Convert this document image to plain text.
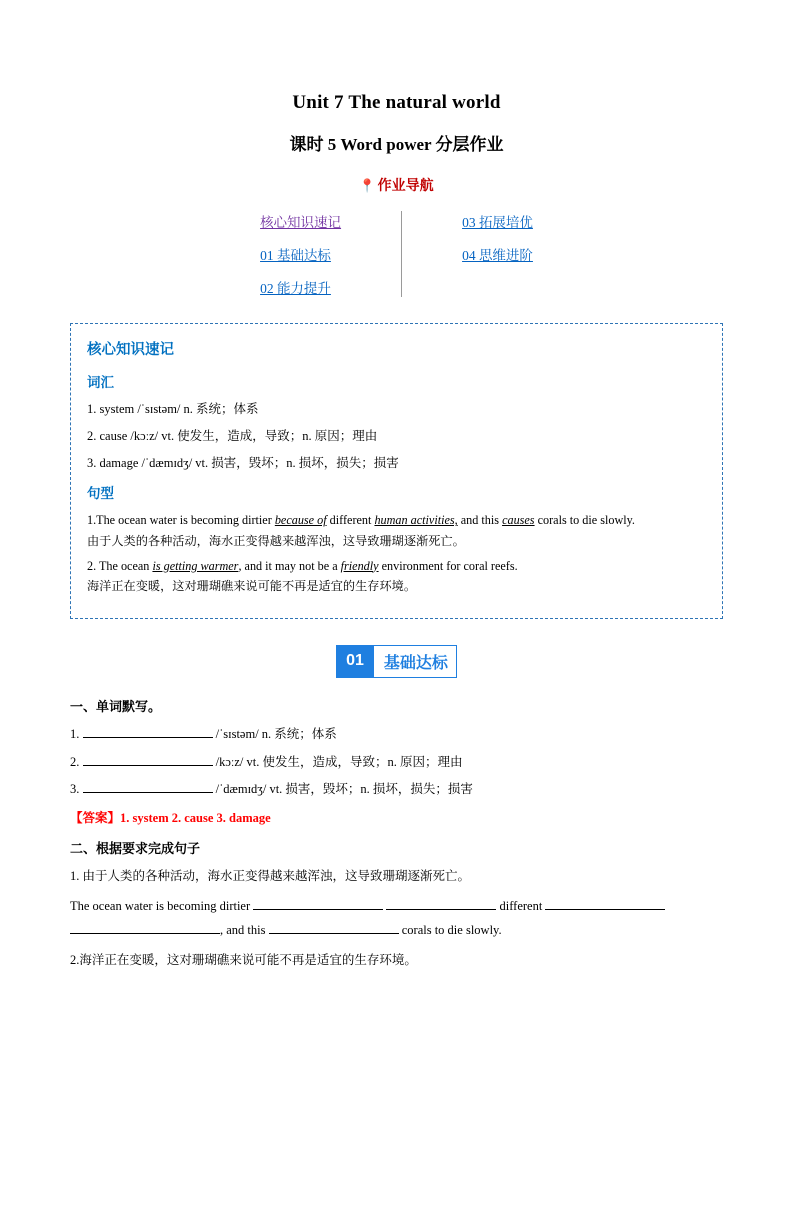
Unit 7 The natural world
课时 5 Word power 分层作业
📍 作业导航
核心知识速记
01 基础达标
02 能力提升
03 拓展培优
04 思维进阶
核心知识速记
词汇
1. system /ˈsɪstəm/ n. 系统；体系
2. cause /kɔːz/ vt. 使发生，造成，导致；n. 原因；理由
3. damage /ˈdæmɪdʒ/ vt. 损害，毁坏；n. 损坏，损失；损害
句型
1.The ocean water is becoming dirtier because of different human activities, and this causes corals to die slowly.
由于人类的各种活动，海水正变得越来越浑浊，这导致珊瑚逐渐死亡。
2. The ocean is getting warmer, and it may not be a friendly environment for coral reefs.
海洋正在变暖，这对珊瑚礁来说可能不再是适宜的生存环境。
01	基础达标
一、单词默写。
1.	/ˈsɪstəm/ n. 系统；体系
2.	/kɔːz/ vt. 使发生，造成，导致；n. 原因；理由
3.	/ˈdæmɪdʒ/ vt. 损害，毁坏；n. 损坏，损失；损害
【答案】1. system 2. cause 3. damage
二、根据要求完成句子
1. 由于人类的各种活动，海水正变得越来越浑浊，这导致珊瑚逐渐死亡。
The ocean water is becoming dirtier	different  , and this	corals to die slowly.
2.海洋正在变暖，这对珊瑚礁来说可能不再是适宜的生存环境。
